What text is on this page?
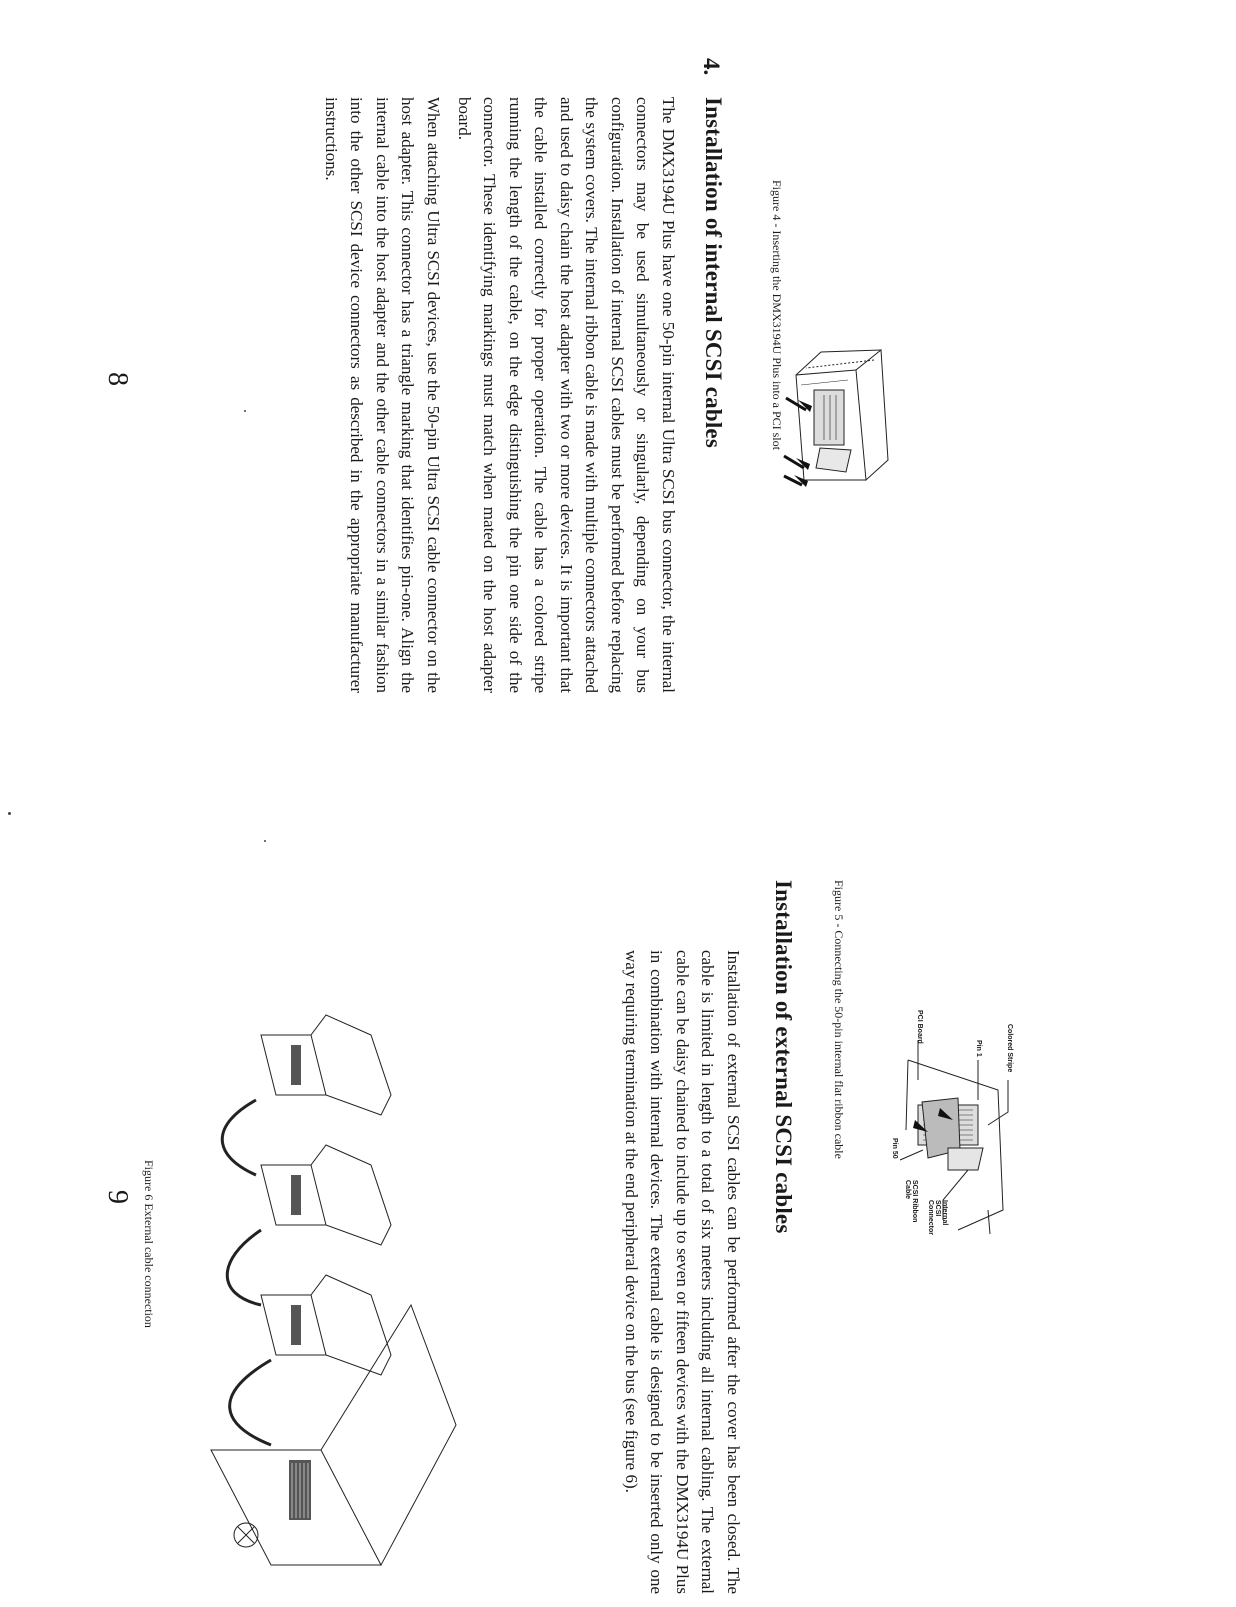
Figure 4 - Inserting the DMX3194U Plus into a PCI slot
4.
Installation of internal SCSI cables
The DMX3194U Plus have one 50-pin internal Ultra SCSI bus connector, the internal connectors may be used simultaneously or singularly, depending on your bus configuration. Installation of internal SCSI cables must be performed before replacing the system covers. The internal ribbon cable is made with multiple connectors attached and used to daisy chain the host adapter with two or more devices. It is important that the cable installed correctly for proper operation. The cable has a colored stripe running the length of the cable, on the edge distinguishing the pin one side of the connector. These identifying markings must match when mated on the host adapter board.
When attaching Ultra SCSI devices, use the 50-pin Ultra SCSI cable connector on the host adapter. This connector has a triangle marking that identifies pin-one. Align the internal cable into the host adapter and the other cable connectors in a similar fashion into the other SCSI device connectors as described in the appropriate manufacturer instructions.
8
Colored Stripe
SCSI Ribbon Cable
Pin 1
PCI Board
Internal SCSI Connector
Pin 50
Figure 5 - Connecting the 50-pin internal flat ribbon cable
Installation of external SCSI cables
Installation of external SCSI cables can be performed after the cover has been closed. The cable is limited in length to a total of six meters including all internal cabling. The external cable can be daisy chained to include up to seven or fifteen devices with the DMX3194U Plus in combination with internal devices. The external cable is designed to be inserted only one way requiring termination at the end peripheral device on the bus (see figure 6).
Figure 6 External cable connection
9
